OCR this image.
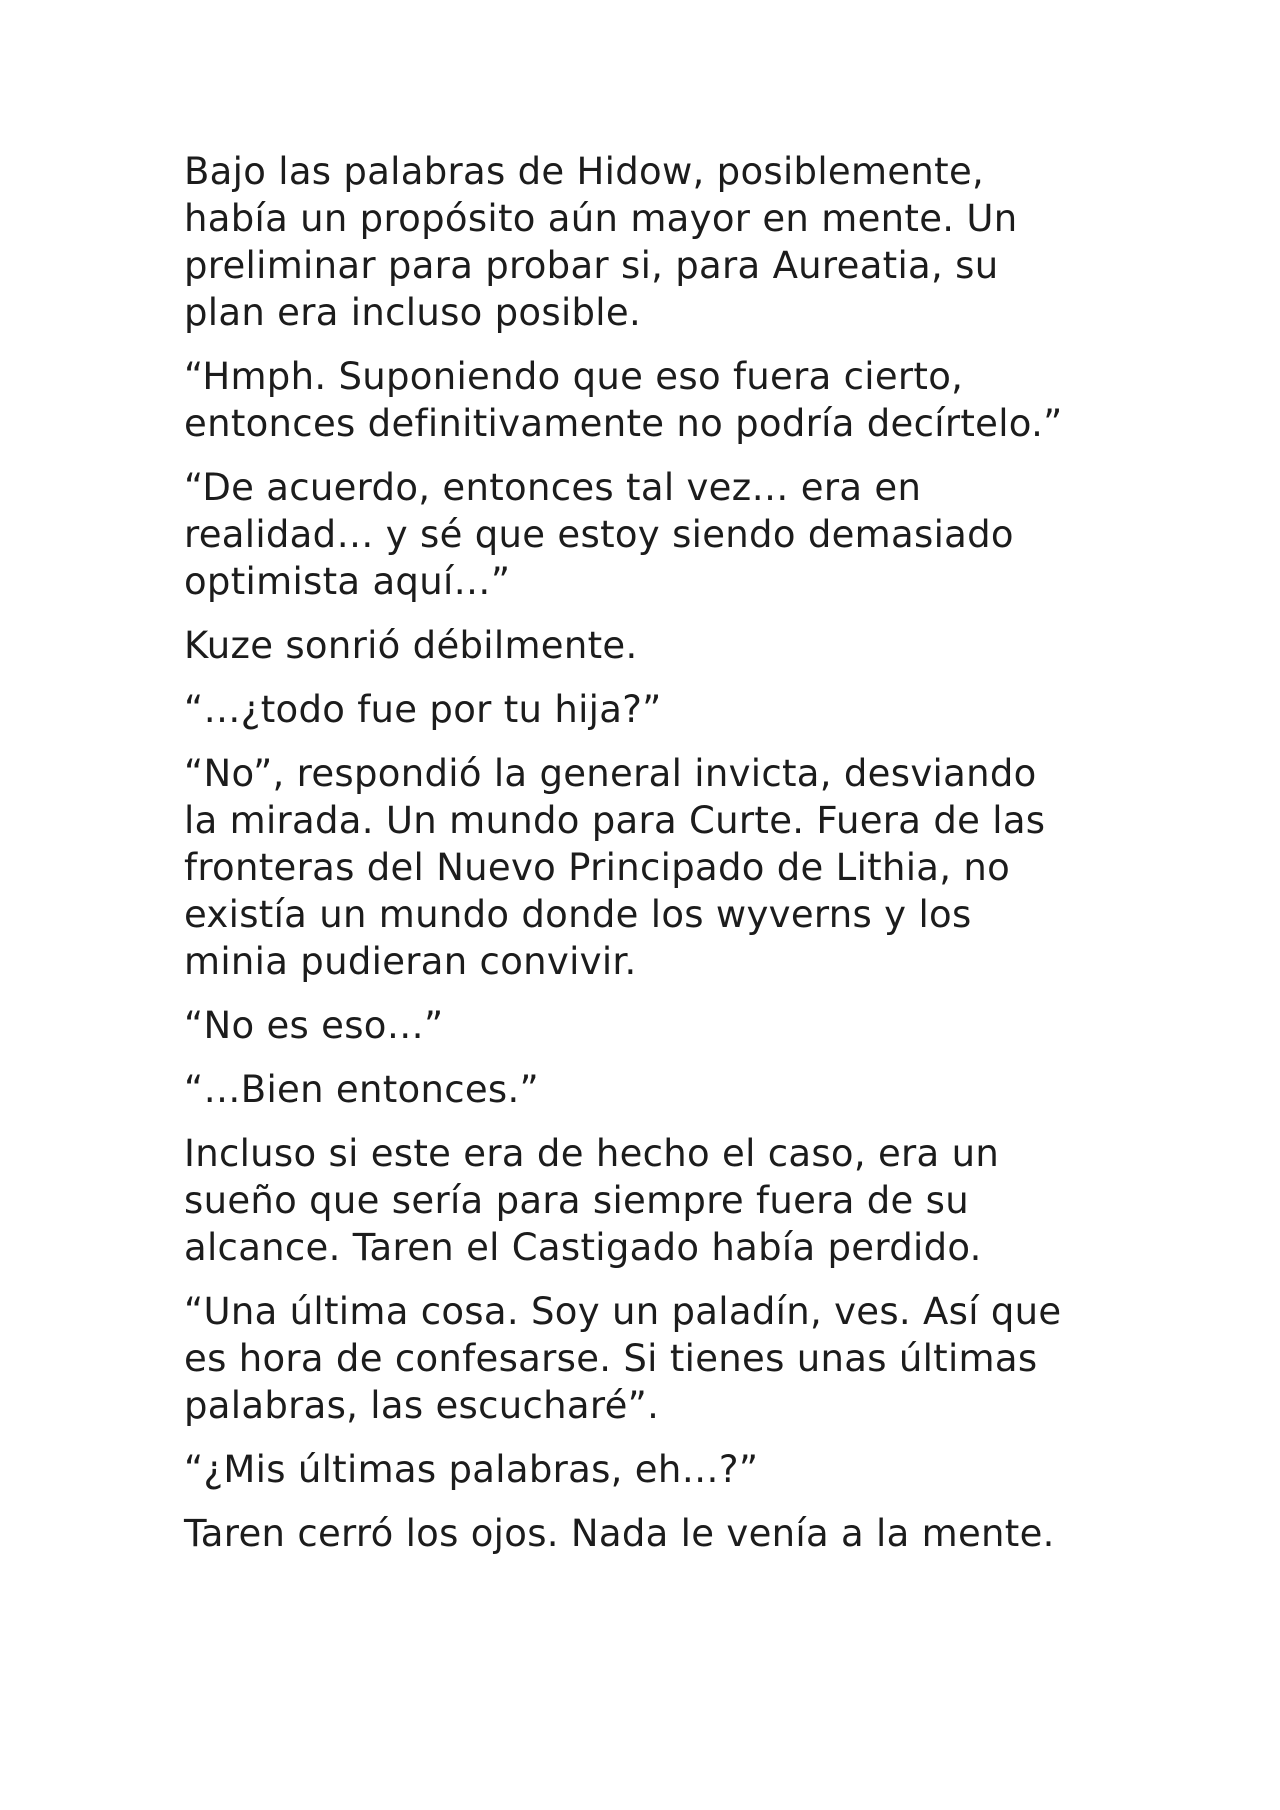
Bajo las palabras de Hidow, posiblemente,
había un propósito aún mayor en mente. Un
preliminar para probar si, para Aureatia, su
plan era incluso posible.

“Hmph. Suponiendo que eso fuera cierto,
entonces definitivamente no podría decírtelo.”

“De acuerdo, entonces tal vez… era en
realidad… y sé que estoy siendo demasiado
optimista aquí…”

Kuze sonrió débilmente.

“…¿todo fue por tu hija?”

“No”, respondió la general invicta, desviando
la mirada. Un mundo para Curte. Fuera de las
fronteras del Nuevo Principado de Lithia, no
existía un mundo donde los wyverns y los
minia pudieran convivir.

“No es eso…”

“…Bien entonces.”

Incluso si este era de hecho el caso, era un
sueño que sería para siempre fuera de su
alcance. Taren el Castigado había perdido.

“Una última cosa. Soy un paladín, ves. Así que
es hora de confesarse. Si tienes unas últimas
palabras, las escucharé”.

“¿Mis últimas palabras, eh…?”

Taren cerró los ojos. Nada le venía a la mente.
